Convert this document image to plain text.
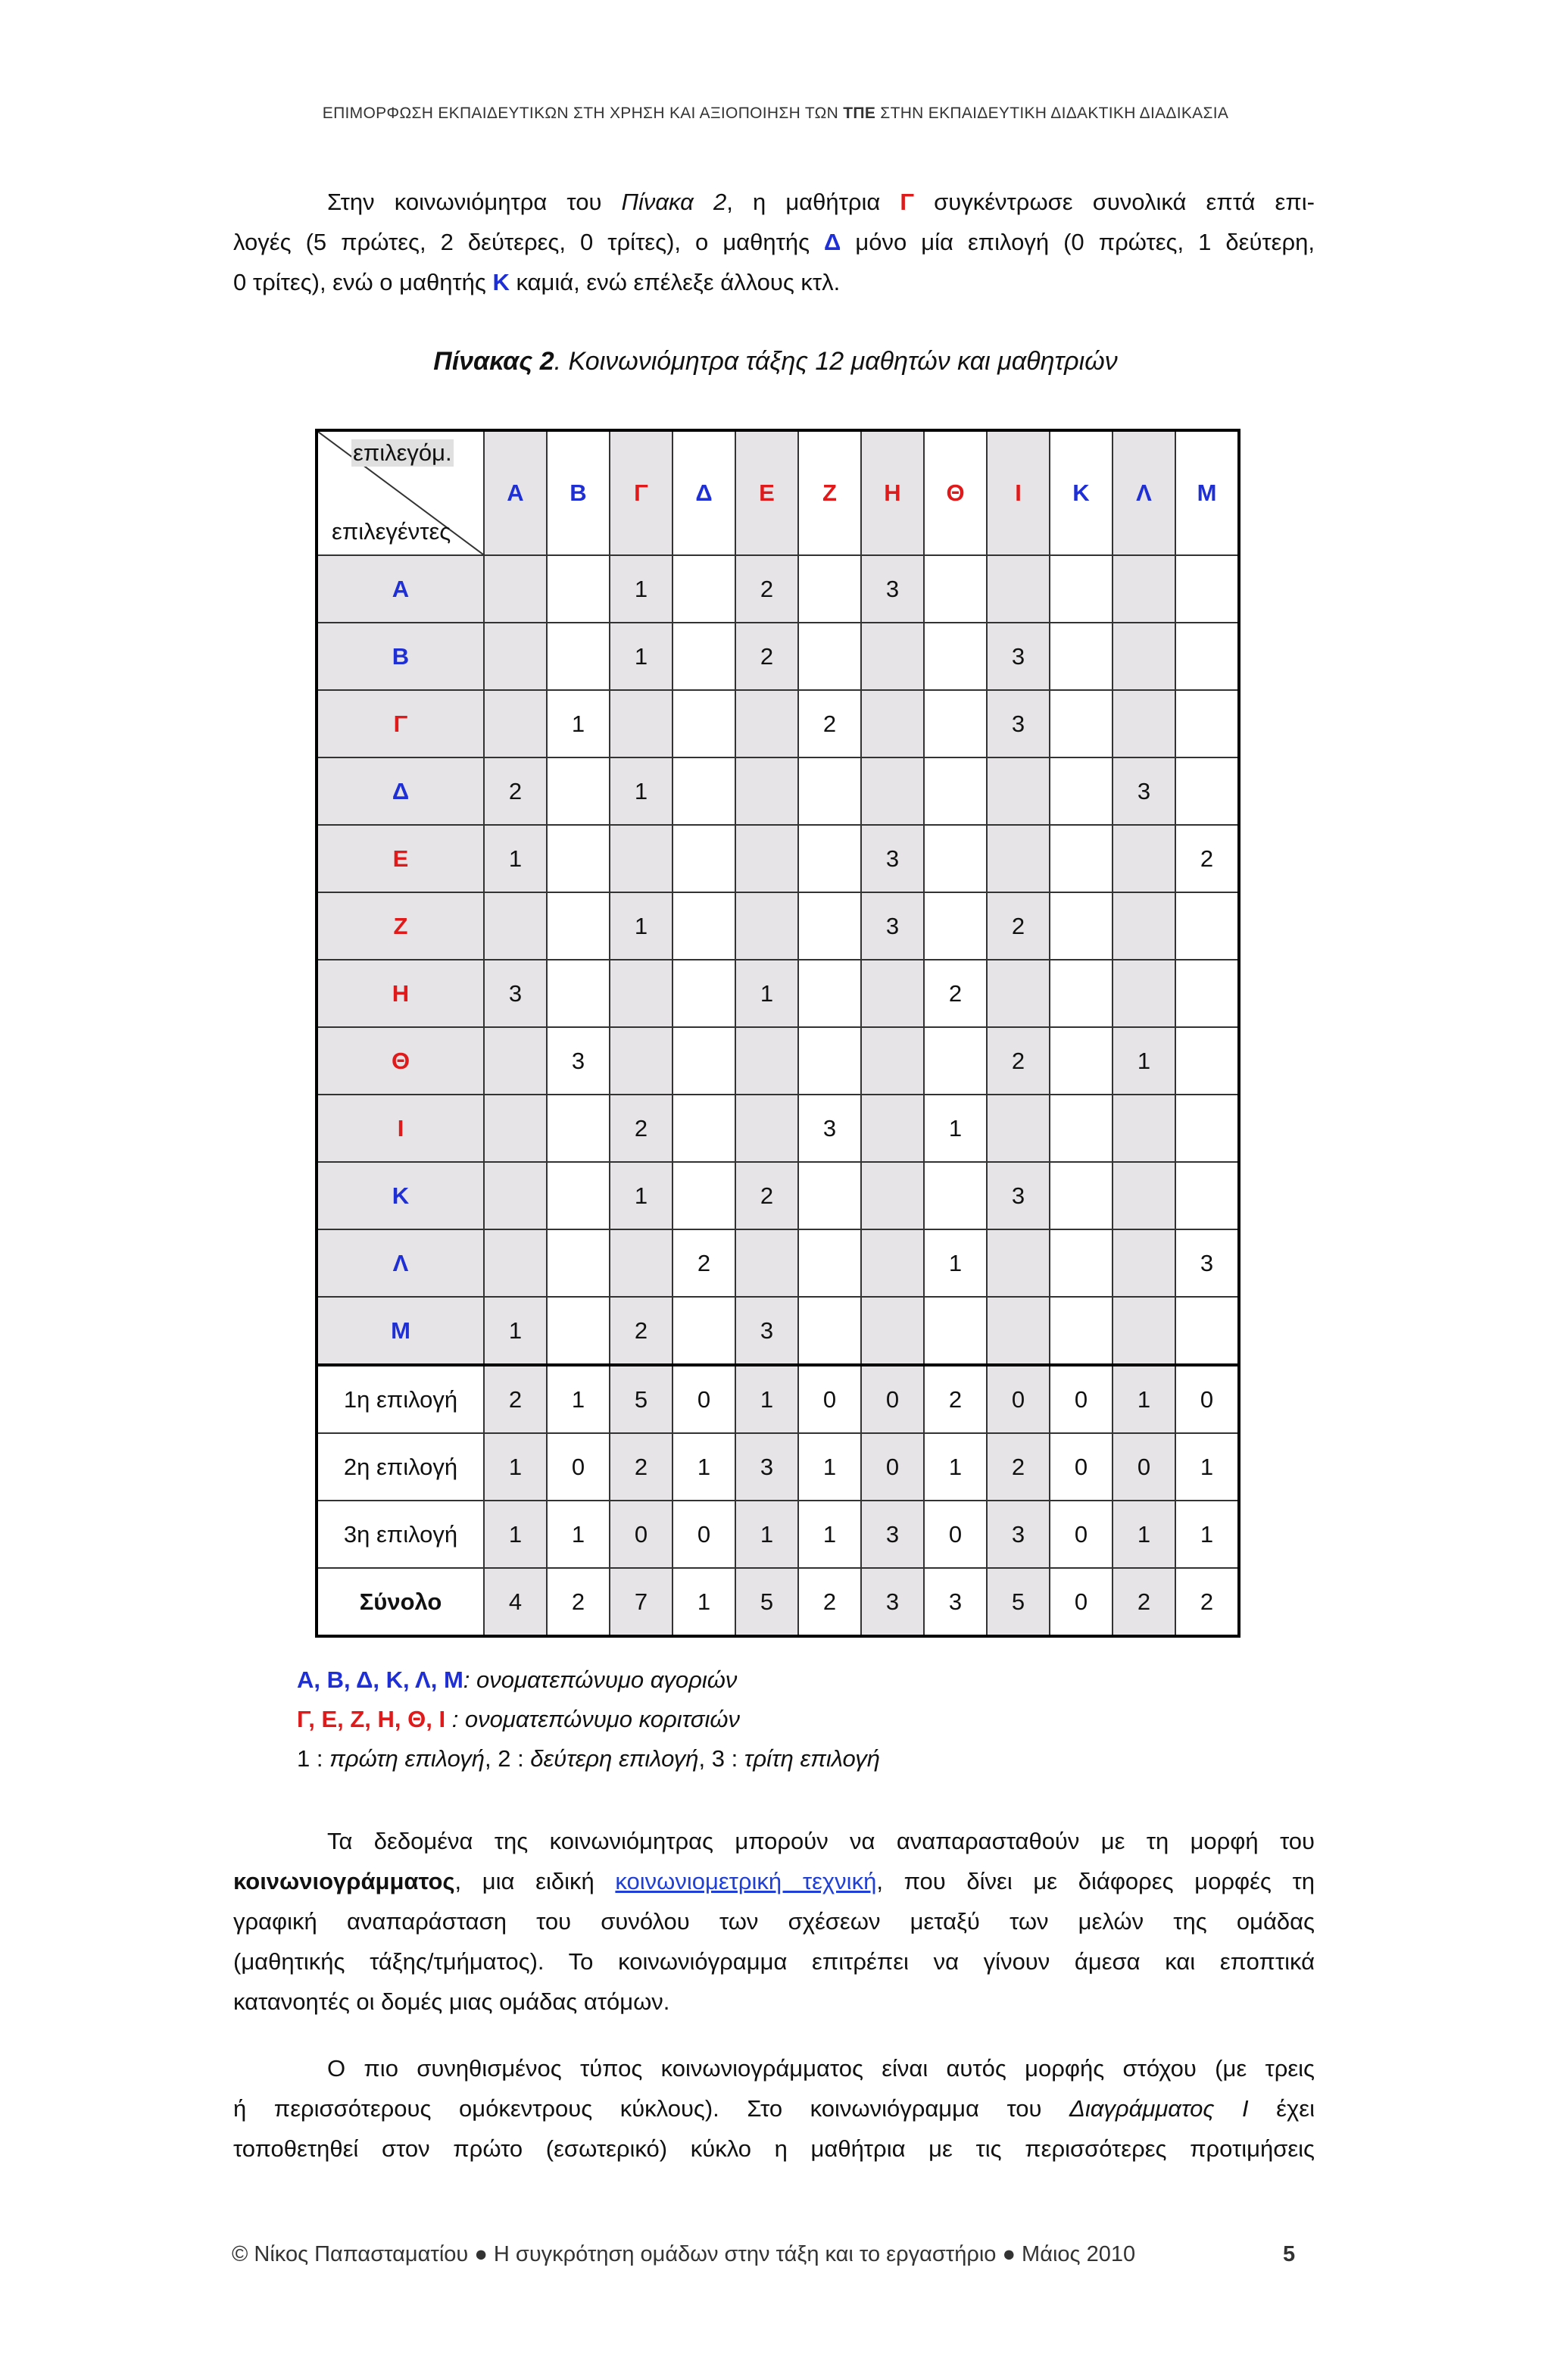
ΕΠΙΜΟΡΦΩΣΗ ΕΚΠΑΙΔΕΥΤΙΚΩΝ ΣΤΗ ΧΡΗΣΗ ΚΑΙ ΑΞΙΟΠΟΙΗΣΗ ΤΩΝ ΤΠΕ ΣΤΗΝ ΕΚΠΑΙΔΕΥΤΙΚΗ ΔΙΔΑΚΤΙΚΗ ΔΙΑΔΙΚΑΣΙΑ
Στην κοινωνιόμητρα του Πίνακα 2, η μαθήτρια Γ συγκέντρωσε συνολικά επτά επι-
λογές (5 πρώτες, 2 δεύτερες, 0 τρίτες), ο μαθητής Δ μόνο μία επιλογή (0 πρώτες, 1 δεύτερη,
0 τρίτες), ενώ ο μαθητής Κ καμιά, ενώ επέλεξε άλλους κτλ.
Πίνακας 2. Κοινωνιόμητρα τάξης 12 μαθητών και μαθητριών
επιλεγόμ.
επιλεγέντες	Α	Β	Γ	Δ	Ε	Ζ	Η	Θ	Ι	Κ	Λ	Μ
Α			1		2		3					
Β			1		2				3			
Γ		1				2			3			
Δ	2		1								3	
Ε	1						3					2
Ζ			1				3		2			
Η	3				1			2				
Θ		3							2		1	
Ι			2			3		1				
Κ			1		2				3			
Λ				2				1				3
Μ	1		2		3							
1η επιλογή	2	1	5	0	1	0	0	2	0	0	1	0
2η επιλογή	1	0	2	1	3	1	0	1	2	0	0	1
3η επιλογή	1	1	0	0	1	1	3	0	3	0	1	1
Σύνολο	4	2	7	1	5	2	3	3	5	0	2	2
Α, Β, Δ, Κ, Λ, Μ: ονοματεπώνυμο αγοριών
Γ, Ε, Ζ, Η, Θ, Ι : ονοματεπώνυμο κοριτσιών
1 : πρώτη επιλογή, 2 : δεύτερη επιλογή, 3 : τρίτη επιλογή
Τα δεδομένα της κοινωνιόμητρας μπορούν να αναπαρασταθούν με τη μορφή του
κοινωνιογράμματος, μια ειδική κοινωνιομετρική τεχνική, που δίνει με διάφορες μορφές τη
γραφική αναπαράσταση του συνόλου των σχέσεων μεταξύ των μελών της ομάδας
(μαθητικής τάξης/τμήματος). Το κοινωνιόγραμμα επιτρέπει να γίνουν άμεσα και εποπτικά
κατανοητές οι δομές μιας ομάδας ατόμων.
Ο πιο συνηθισμένος τύπος κοινωνιογράμματος είναι αυτός μορφής στόχου (με τρεις
ή περισσότερους ομόκεντρους κύκλους). Στο κοινωνιόγραμμα του Διαγράμματος Ι έχει
τοποθετηθεί στον πρώτο (εσωτερικό) κύκλο η μαθήτρια με τις περισσότερες προτιμήσεις
© Νίκος Παπασταματίου ● Η συγκρότηση ομάδων στην τάξη και το εργαστήριο ● Μάιος 2010	5
